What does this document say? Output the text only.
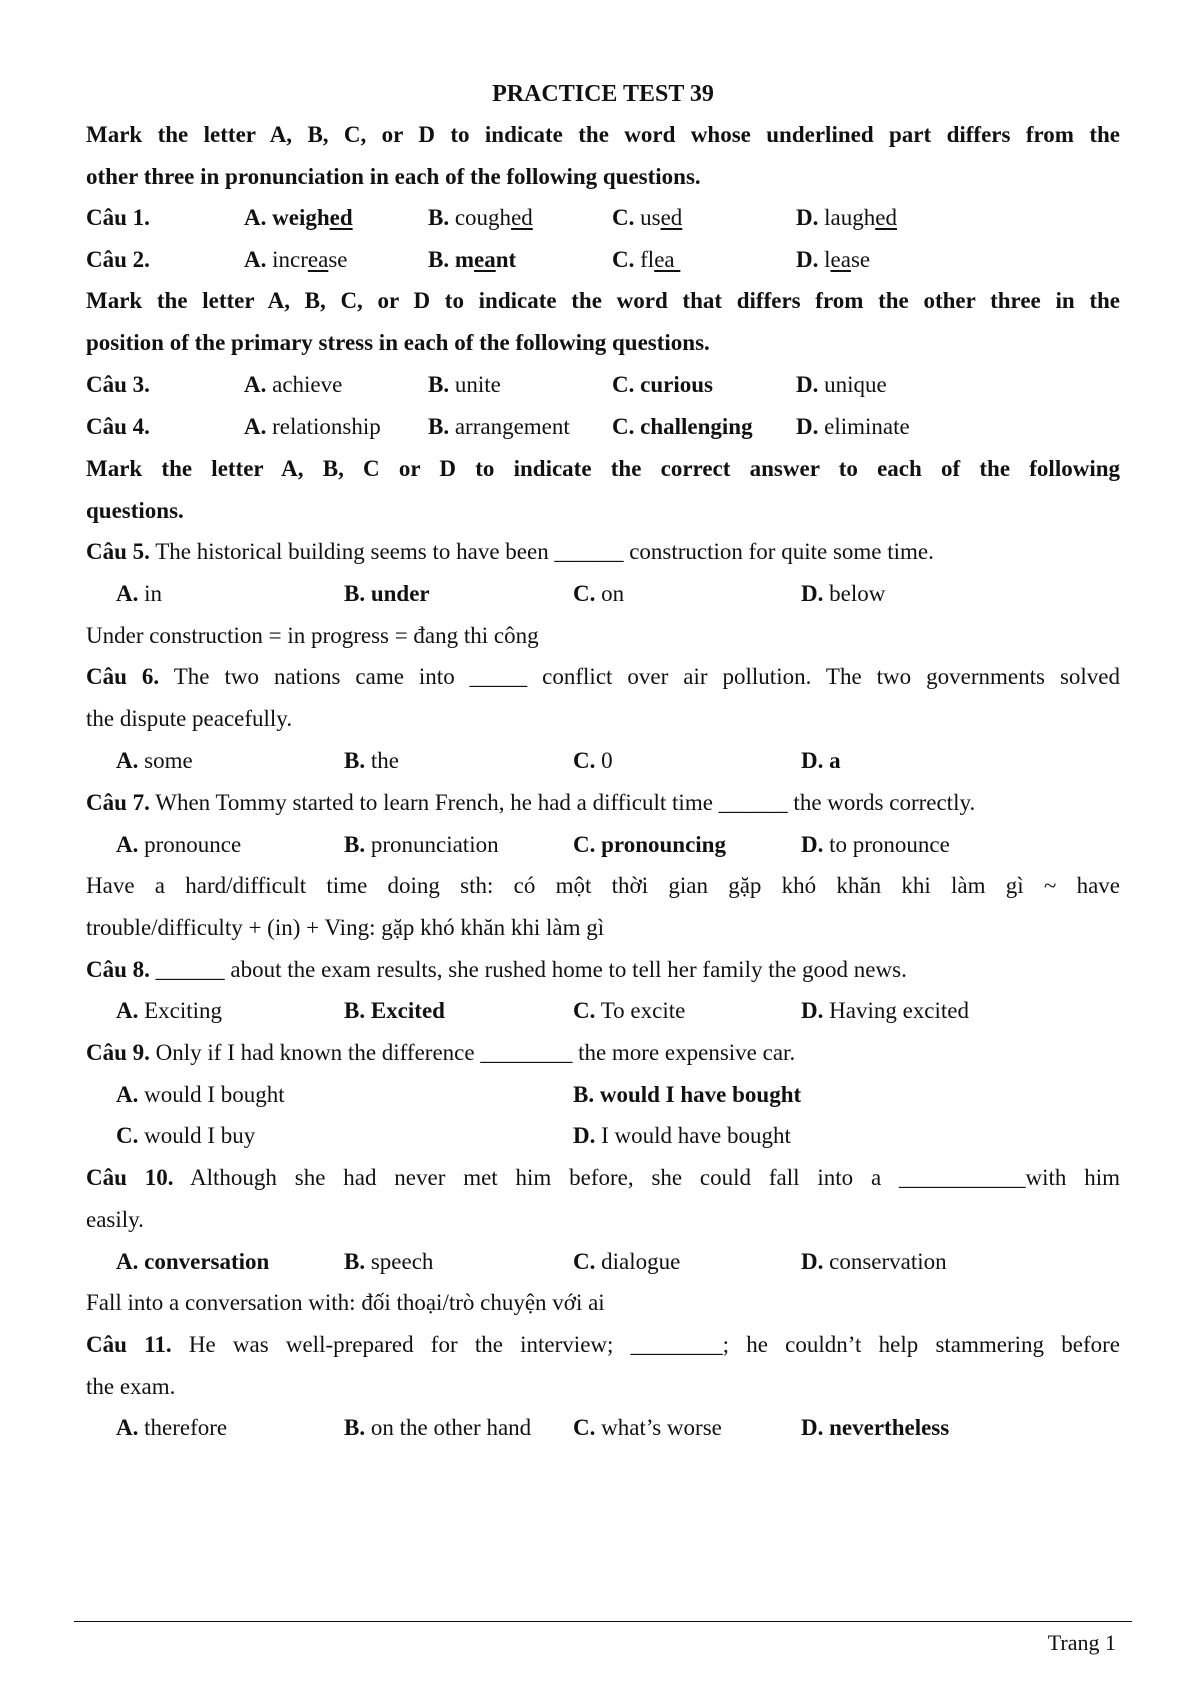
PRACTICE TEST 39
Mark the letter A, B, C, or D to indicate the word whose underlined part differs from the
other three in pronunciation in each of the following questions.
Câu 1.	A. weighed	B. coughed	C. used	D. laughed
Câu 2.	A. increase	B. meant	C. flea	D. lease
Mark the letter A, B, C, or D to indicate the word that differs from the other three in the
position of the primary stress in each of the following questions.
Câu 3.	A. achieve	B. unite	C. curious	D. unique
Câu 4.	A. relationship B. arrangement C. challenging D. eliminate
Mark the letter A, B, C or D to indicate the correct answer to each of the following
questions.
Câu 5. The historical building seems to have been ______ construction for quite some time.
A. in	B. under	C. on	D. below
Under construction = in progress = đang thi công
Câu 6. The two nations came into _____ conflict over air pollution. The two governments solved
the dispute peacefully.
A. some	B. the	C. 0	D. a
Câu 7. When Tommy started to learn French, he had a difficult time ______ the words correctly.
A. pronounce	B. pronunciation	C. pronouncing	D. to pronounce
Have a hard/difficult time doing sth: có một thời gian gặp khó khăn khi làm gì ~ have
trouble/difficulty + (in) + Ving: gặp khó khăn khi làm gì
Câu 8. ______ about the exam results, she rushed home to tell her family the good news.
A. Exciting	B. Excited	C. To excite	D. Having excited
Câu 9. Only if I had known the difference ________ the more expensive car.
A. would I bought	B. would I have bought
C. would I buy	D. I would have bought
Câu 10. Although she had never met him before, she could fall into a ___________with him
easily.
A. conversation	B. speech	C. dialogue	D. conservation
Fall into a conversation with: đối thoại/trò chuyện với ai
Câu 11. He was well-prepared for the interview; ________; he couldn’t help stammering before
the exam.
A. therefore	B. on the other hand C. what’s worse	D. nevertheless
Trang 1
